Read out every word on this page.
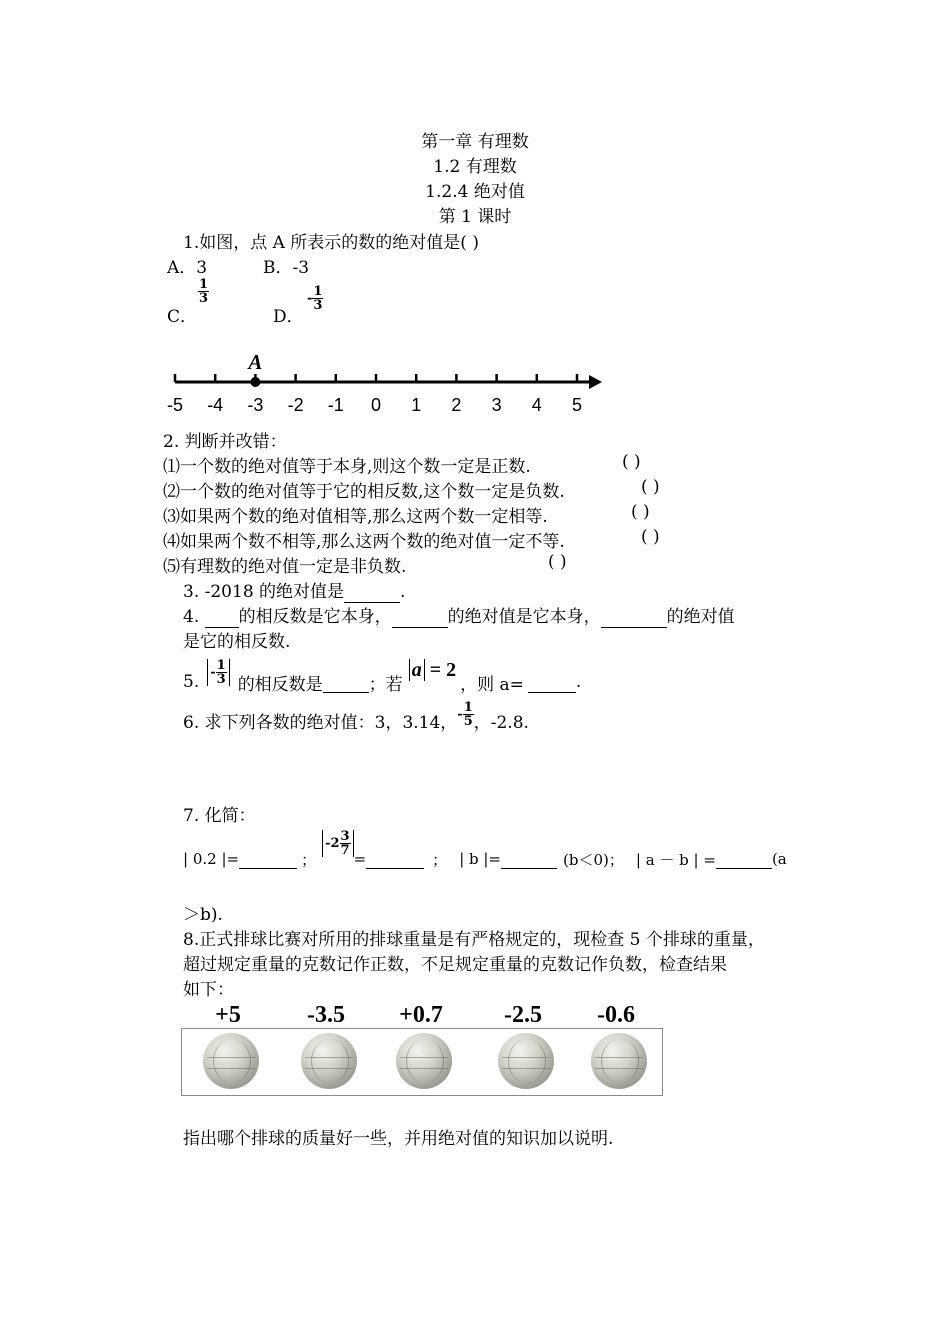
第一章 有理数
1.2 有理数
1.2.4 绝对值
第 1 课时
1.如图，点 A 所表示的数的绝对值是( )
A．3	B．-3
C．
$\frac{1}{3}$
D．
- $\frac{1}{3}$
-5 -4 -3 -2 -1 0 1 2 3 4 5
A
2. 判断并改错：
⑴一个数的绝对值等于本身,则这个数一定是正数.	( )
⑵一个数的绝对值等于它的相反数,这个数一定是负数.	( )
⑶如果两个数的绝对值相等,那么这两个数一定相等.	( )
⑷如果两个数不相等,那么这两个数的绝对值一定不等.	( )
⑸有理数的绝对值一定是非负数.	( )
3. -2018 的绝对值是	.
4.  的相反数是它本身，	的绝对值是它本身，	的绝对值
是它的相反数.
5. - $\frac{1}{3}$ 的相反数是
	；若
a = 2
，则 a=
	.
6. 求下列各数的绝对值：3，3.14， - $\frac{1}{5}$ ，-2.8.
7. 化简：
| 0.2 |=
	；
$-2 \frac{3}{7}$
=
	； | b |=
	(b＜0)； | a － b | =
	(a
＞b).
8.正式排球比赛对所用的排球重量是有严格规定的，现检查 5 个排球的重量，
超过规定重量的克数记作正数，不足规定重量的克数记作负数，检查结果
如下：
+5	-3.5	+0.7	-2.5	-0.6
指出哪个排球的质量好一些，并用绝对值的知识加以说明.
